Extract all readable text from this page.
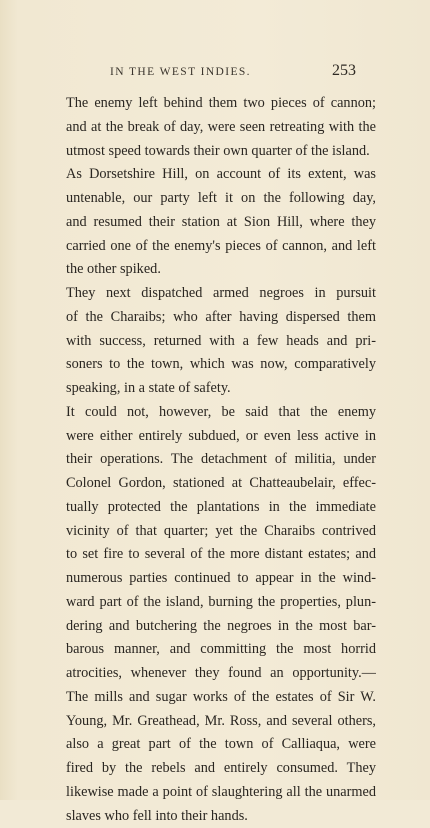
IN THE WEST INDIES.	253
The enemy left behind them two pieces of cannon;
and at the break of day, were seen retreating with the
utmost speed towards their own quarter of the island.
As Dorsetshire Hill, on account of its extent, was
untenable, our party left it on the following day,
and resumed their station at Sion Hill, where they
carried one of the enemy's pieces of cannon, and left
the other spiked.
They next dispatched armed negroes in pursuit
of the Charaibs; who after having dispersed them
with success, returned with a few heads and pri-
soners to the town, which was now, comparatively
speaking, in a state of safety.
It could not, however, be said that the enemy
were either entirely subdued, or even less active in
their operations. The detachment of militia, under
Colonel Gordon, stationed at Chatteaubelair, effec-
tually protected the plantations in the immediate
vicinity of that quarter; yet the Charaibs contrived
to set fire to several of the more distant estates; and
numerous parties continued to appear in the wind-
ward part of the island, burning the properties, plun-
dering and butchering the negroes in the most bar-
barous manner, and committing the most horrid
atrocities, whenever they found an opportunity.—
The mills and sugar works of the estates of Sir W.
Young, Mr. Greathead, Mr. Ross, and several others,
also a great part of the town of Calliaqua, were
fired by the rebels and entirely consumed. They
likewise made a point of slaughtering all the unarmed
slaves who fell into their hands.
